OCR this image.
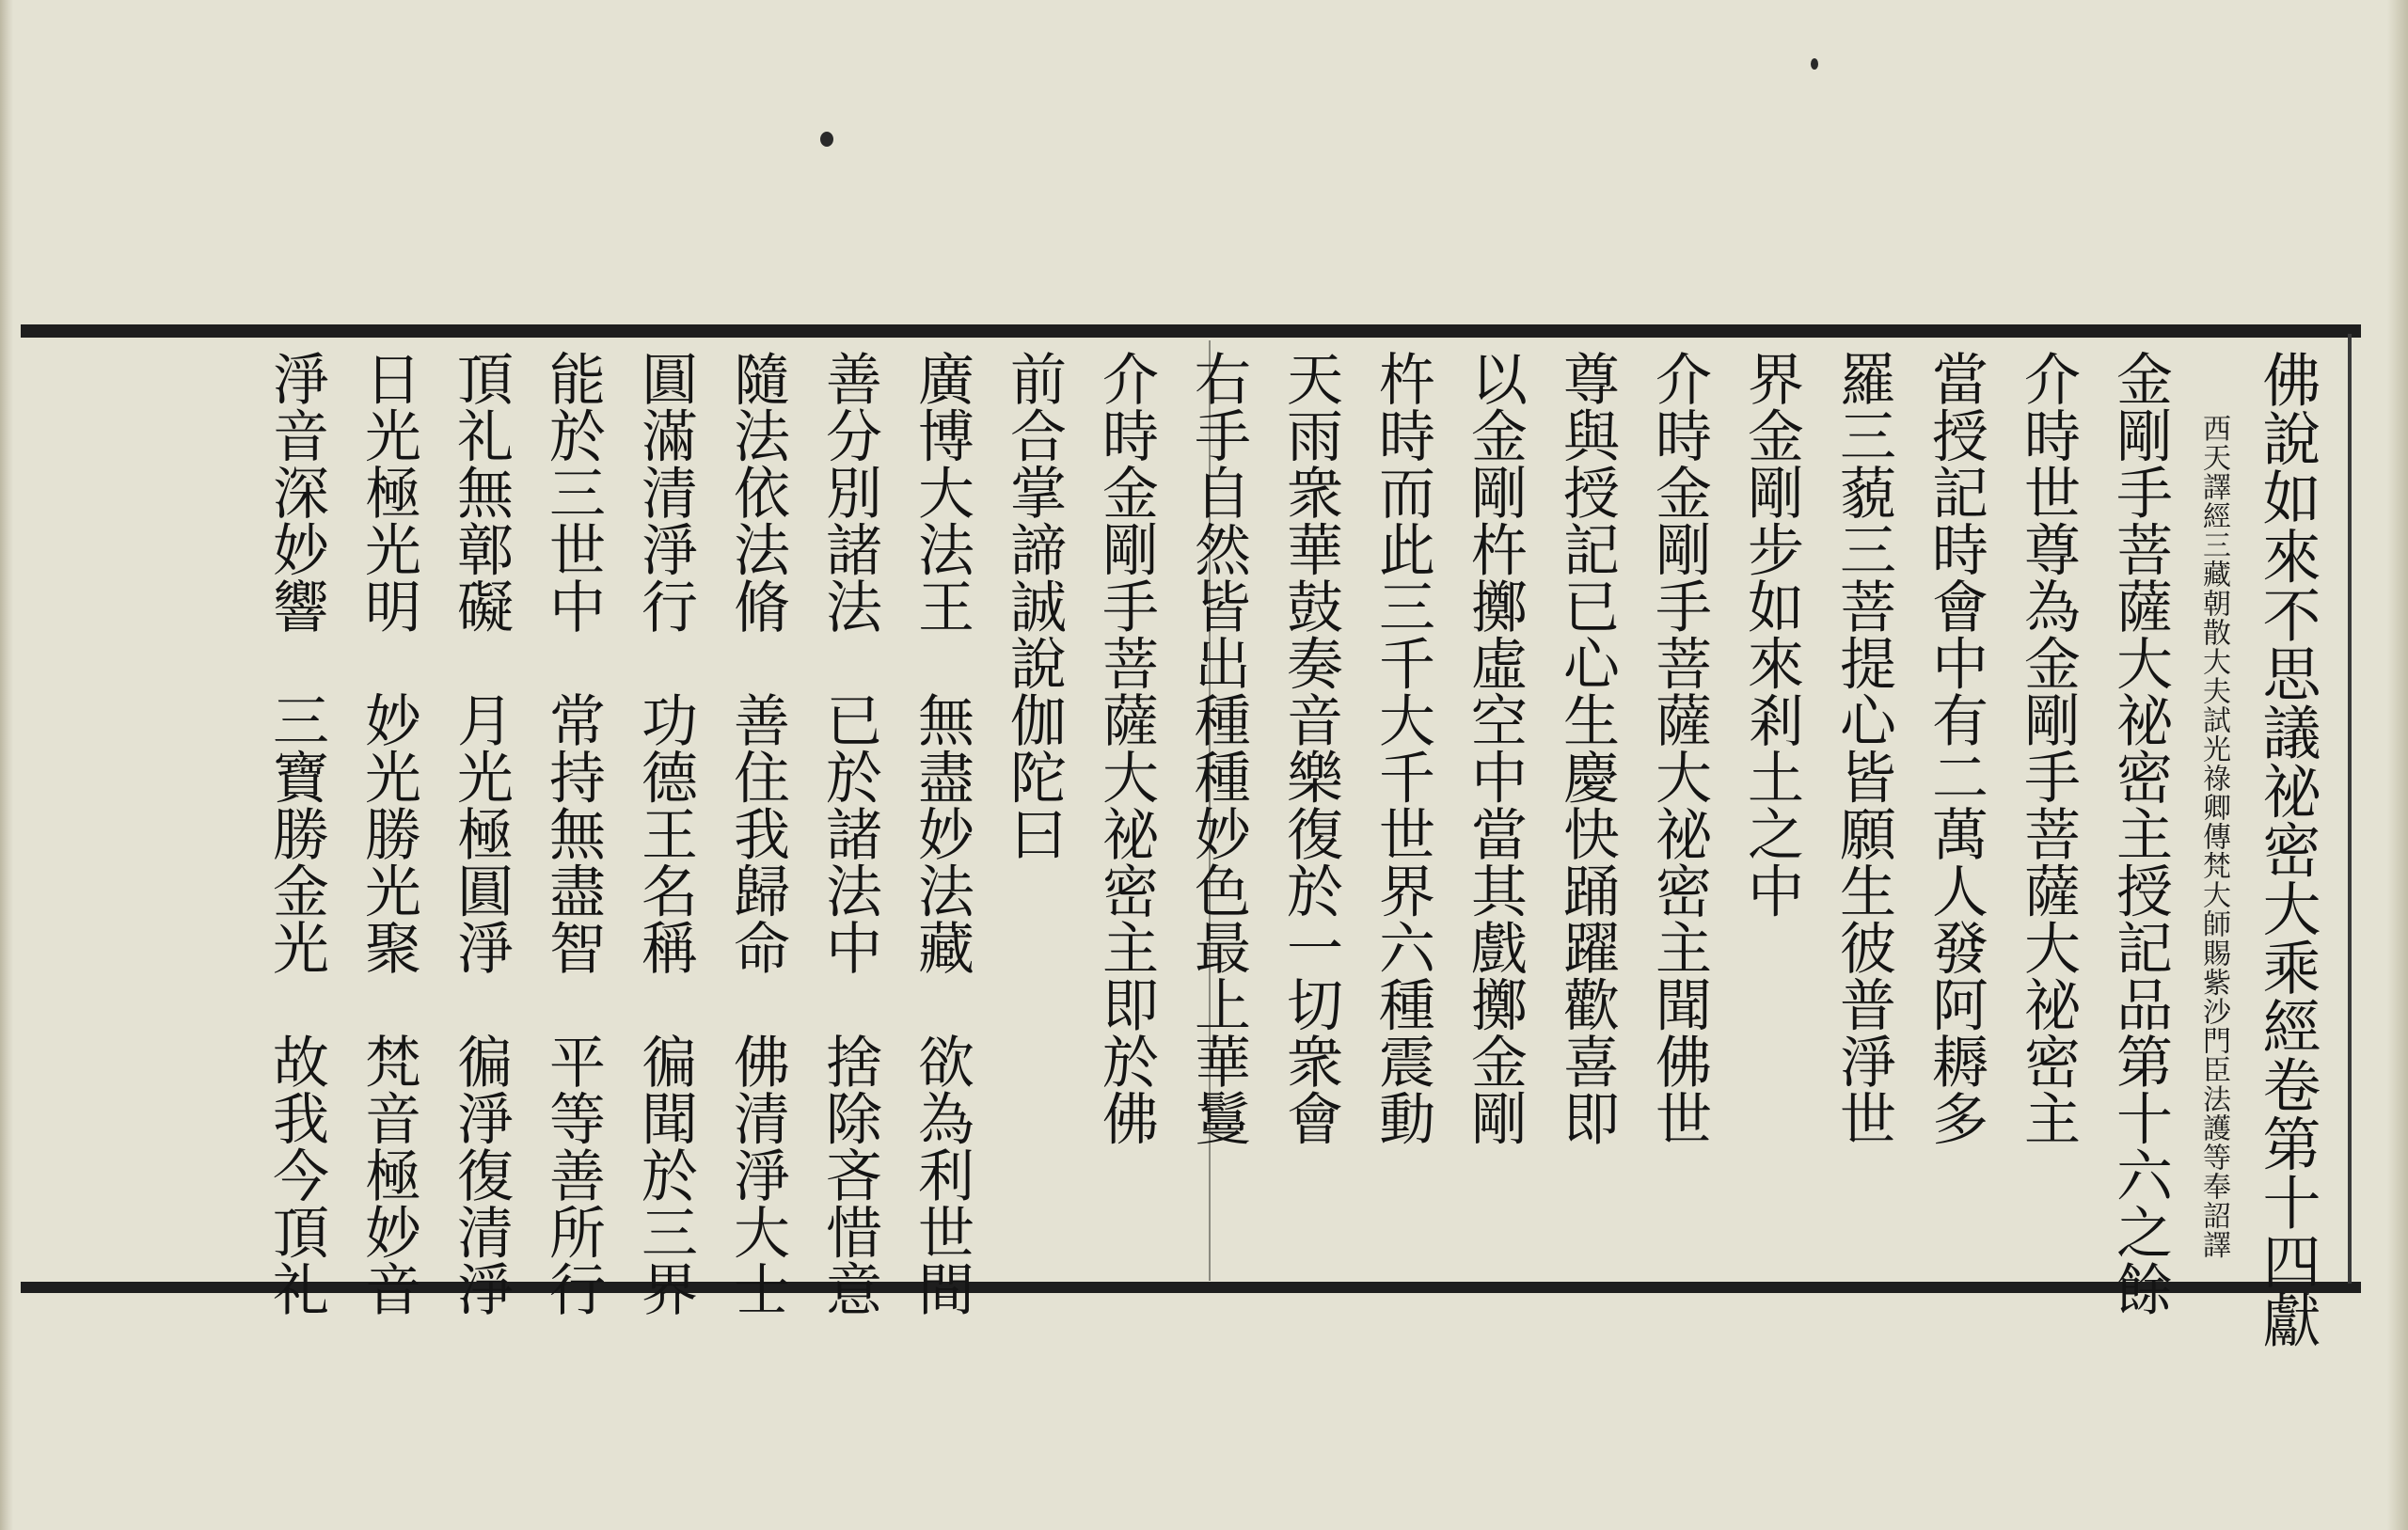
佛說如來不思議祕密大乘經卷第十四獻
西天譯經三藏朝散大夫試光祿卿傳梵大師賜紫沙門臣法護等奉詔譯
金剛手菩薩大祕密主授記品第十六之餘
介時世尊為金剛手菩薩大祕密主
當授記時會中有二萬人發阿耨多
羅三藐三菩提心皆願生彼普淨世
界金剛步如來剎土之中
介時金剛手菩薩大祕密主聞佛世
尊與授記已心生慶快踊躍歡喜即
以金剛杵擲虛空中當其戲擲金剛
杵時而此三千大千世界六種震動
天雨衆華鼓奏音樂復於一切衆會
右手自然皆出種種妙色最上華鬘
介時金剛手菩薩大祕密主即於佛
前合掌諦誠說伽陀曰
廣博大法王　無盡妙法藏　欲為利世間
善分別諸法　已於諸法中　捨除吝惜意
隨法依法脩　善住我歸命　佛清淨大士
圓滿清淨行　功德王名稱　徧聞於三界
能於三世中　常持無盡智　平等善所行
頂礼無鄣礙　月光極圓淨　徧淨復清淨
日光極光明　妙光勝光聚　梵音極妙音
淨音深妙響　三寶勝金光　故我今頂礼
